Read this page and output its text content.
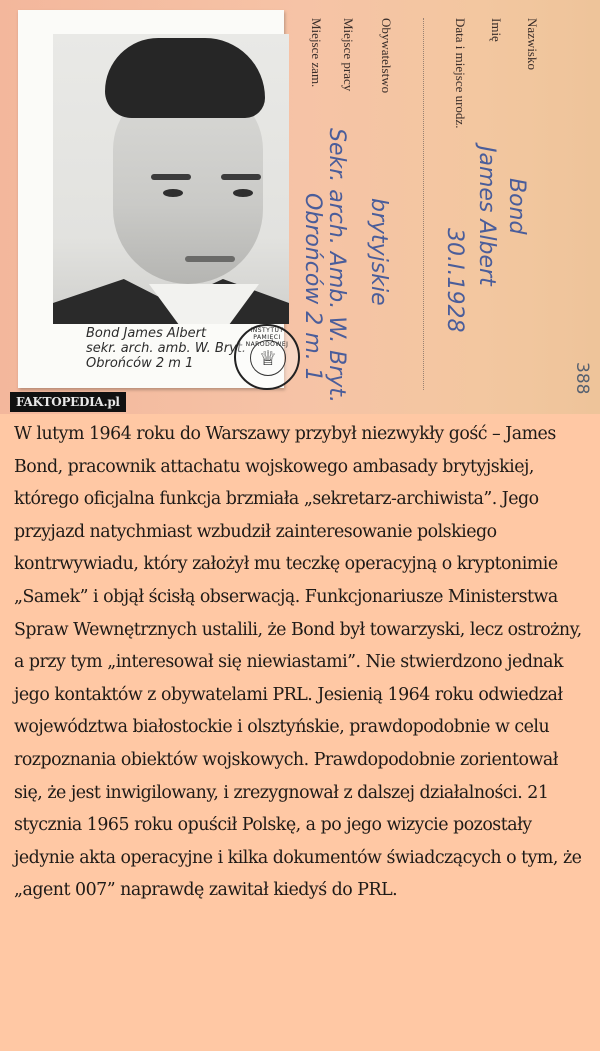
Bond James Albert
sekr. arch. amb. W. Bryt.
Obrońców 2 m 1
INSTYTUT PAMIĘCI NARODOWEJ
♕
Nazwisko
Bond
Imię
James Albert
Data i miejsce urodz.
30.I.1928
Obywatelstwo
brytyjskie
Miejsce pracy
Sekr. arch. Amb. W. Bryt.
Miejsce zam.
Obrońców 2 m. 1	388
FAKTOPEDIA.pl
W lutym 1964 roku do Warszawy przybył niezwykły gość – James Bond, pracownik attachatu wojskowego ambasady brytyjskiej, którego oficjalna funkcja brzmiała „sekretarz-archiwista”. Jego przyjazd natychmiast wzbudził zainteresowanie polskiego kontrwywiadu, który założył mu teczkę operacyjną o kryptonimie „Samek” i objął ścisłą obserwacją. Funkcjonariusze Ministerstwa Spraw Wewnętrznych ustalili, że Bond był towarzyski, lecz ostrożny, a przy tym „interesował się niewiastami”. Nie stwierdzono jednak jego kontaktów z obywatelami PRL. Jesienią 1964 roku odwiedzał województwa białostockie i olsztyńskie, prawdopodobnie w celu rozpoznania obiektów wojskowych. Prawdopodobnie zorientował się, że jest inwigilowany, i zrezygnował z dalszej działalności. 21 stycznia 1965 roku opuścił Polskę, a po jego wizycie pozostały jedynie akta operacyjne i kilka dokumentów świadczących o tym, że „agent 007” naprawdę zawitał kiedyś do PRL.
